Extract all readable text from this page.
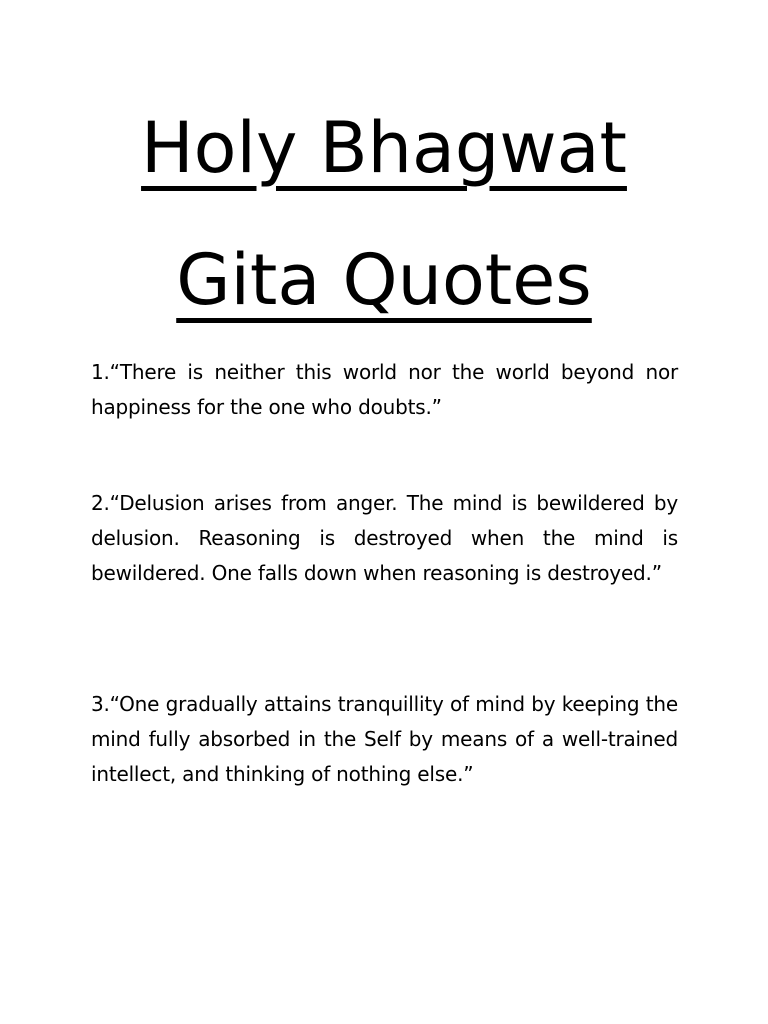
Holy Bhagwat
Gita Quotes

1.“There is neither this world nor the world beyond nor happiness for the one who doubts.”

2.“Delusion arises from anger. The mind is bewildered by delusion. Reasoning is destroyed when the mind is bewildered. One falls down when reasoning is destroyed.”

3.“One gradually attains tranquillity of mind by keeping the mind fully absorbed in the Self by means of a well-trained intellect, and thinking of nothing else.”
